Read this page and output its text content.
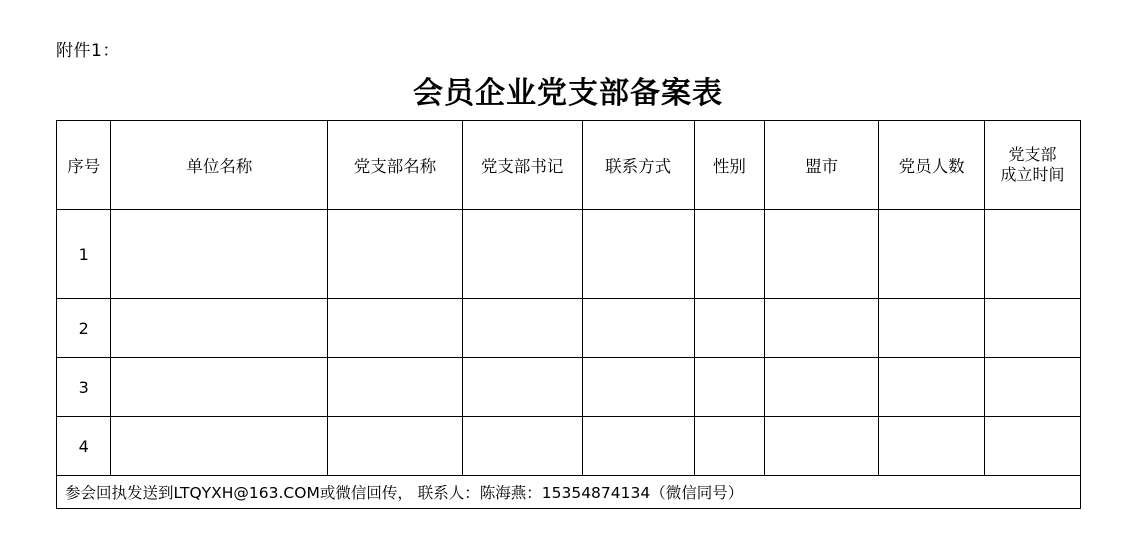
附件1：
会员企业党支部备案表
序号	单位名称	党支部名称	党支部书记	联系方式	性别	盟市	党员人数	党支部
成立时间

1								
2								
3								
4								
参会回执发送到LTQYXH@163.COM或微信回传， 联系人：陈海燕：15354874134（微信同号）								
